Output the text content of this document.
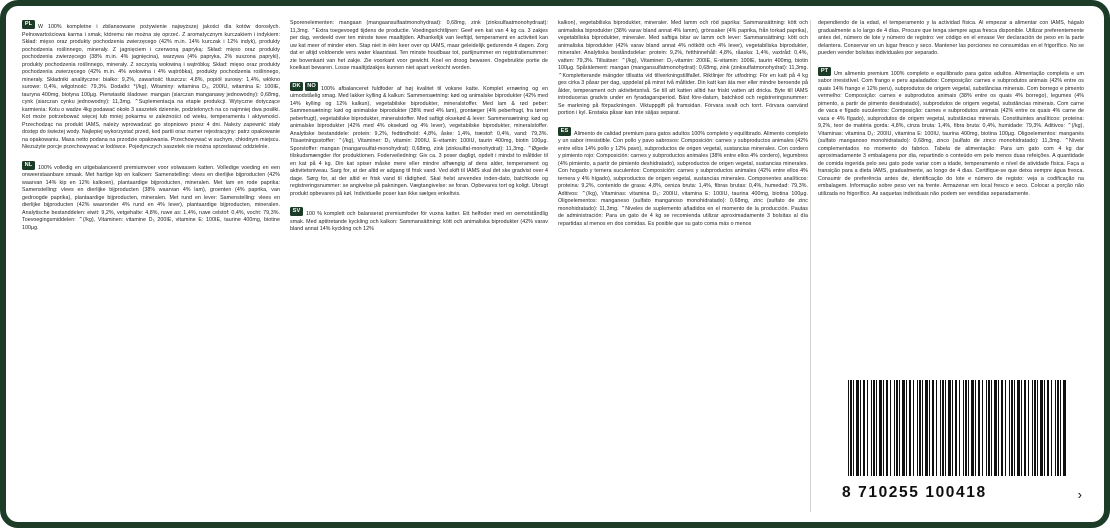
PL W 100% kompletne i zbilansowane pożywienie najwyższej jakości dla kotów dorosłych. Pełnowartościowa karma i smak, któremu nie można się oprzeć. Z aromatycznym kurczakiem i indykiem: Skład: mięso oraz produkty pochodzenia zwierzęcego (42% m.in. 14% kurczak i 12% indyk), produkty pochodzenia roślinnego, minerały. Z jagnięciem i czerwoną papryką: Skład: mięso oraz produkty pochodzenia zwierzęcego (38% m.in. 4% jagnięcina), warzywa (4% papryka, 2% suszona papryki), produkty pochodzenia roślinnego, minerały. Z soczystą wołowiną i wątróbką: Skład: mięso oraz produkty pochodzenia zwierzęcego (42% m.in. 4% wołowina i 4% wątróbka), produkty pochodzenia roślinnego, minerały. Składniki analityczne: białko: 9,2%, zawartość tłuszczu: 4,8%, popiół surowy: 1,4%, włókno surowe: 0,4%, wilgotność: 79,3%. Dodatki: *(/kg), Witaminy: witamina D₃, 200IU, witamina E: 100IE, tauryna 400mg, biotyna 100μg. Pierwiastki śladowe: mangan (siarczan manganawy jednowodny): 0,68mg, cynk (siarczan cynku jednowodny): 11,3mg. ⌃Suplementacja na etapie produkcji. Wytyczne dotyczące karmienia: Kotu o wadze 4kg podawać około 3 saszetek dziennie, podzielonych na co najmniej dwa posiłki. Kot może potrzebować więcej lub mniej pokarmu w zależności od wieku, temperamentu i aktywności. Przechodząc na produkt IAMS, należy wprowadzać go stopniowo przez 4 dni. Należy zapewnić stały dostęp do świeżej wody. Najlepiej wykorzystać przed, kod partii oraz numer rejestracyjny: patrz opakowanie na opakowaniu. Masa netto podana na przodzie opakowania. Przechowywać w suchym, chłodnym miejscu. Niezużyte porcje przechowywać w lodówce. Pojedynczych saszetek nie można sprzedawać oddzielnie.

NL 100% volledig en uitgebalanceerd premiumvoer voor volwassen katten. Volledige voeding en een onweerstaanbare smaak. Met hartige kip en kalkoen: Samenstelling: vlees en dierlijke bijproducten (42% waarvan 14% kip en 12% kalkoen), plantaardige bijproducten, mineralen. Met lam en rode paprika: Samenstelling: vlees en dierlijke bijproducten (38% waarvan 4% lam), groenten (4% paprika, van gedroogde paprika), plantaardige bijproducten, mineralen. Met rund en lever: Samenstelling: vlees en dierlijke bijproducten (42% waaronder 4% rund en 4% lever), plantaardige bijproducten, mineralen. Analytische bestanddelen: eiwit: 9,2%, vetgehalte: 4,8%, ruwe as: 1,4%, ruwe celstof: 0,4%, vocht: 79,3%. Toevoegingsmiddelen: ⌃(/kg), Vitaminen: vitamine D₃ 200IE, vitamine E: 100IE, taurine 400mg, biotine 100μg.

Sporenelementen: mangaan (mangaansulfaatmonohydraat): 0,68mg, zink (zinksulfaatmonohydraat): 11,3mg. ⌃Extra toegevoegd tijdens de productie. Voedingsrichtlijnen: Geef een kat van 4 kg ca. 3 zakjes per dag, verdeeld over ten minste twee maaltijden. Afhankelijk van leeftijd, temperament en activiteit kan uw kat meer of minder eten. Stap niet in één keer over op IAMS, maar geleidelijk gedurende 4 dagen. Zorg dat er altijd voldoende vers water klaarstaat. Ten minste houdbaar tot, partijnummer en registratienummer: zie bovenkant van het zakje. Zie voorkant voor gewicht. Koel en droog bewaren. Ongebruikte portie de koelkast bewaren. Losse maaltijdzakjes kunnen niet apart verkocht worden.

DK NO 100% afbalanceret fuldfoder af høj kvalitet til voksne katte. Komplet ernæring og en uimodståelig smag. Med lakker kylling & kalkun: Sammensætning: kød og animalske biprodukter (42% med 14% kylling og 12% kalkun), vegetabilske biprodukter, mineralstoffer. Med lam & rød peber: Sammensætning: kød og animalske biprodukter (38% med 4% lam), grontæger (4% peberfrugt, fra tørret peberfrugt), vegetabilske biprodukter, mineralstoffer. Med saftigt oksekød & lever: Sammensætning: kød og animalske biprodukter (42% med 4% oksekød og 4% lever), vegetabilske biprodukter, mineralstoffer. Analytiske bestanddele: protein: 9,2%, fedtindhold: 4,8%, åske: 1,4%, træstof: 0,4%, vand: 79,3%. Tilsaetningsstoffer: ⌃(/kg), Vitaminer: D₃ vitamin: 200IU, E-vitamin: 100IU, taurin 400mg, biotin 100μg. Sporstoffer: mangan (mangansulfat-monohydrat): 0,68mg, zink (zinksulfat-monohydrat): 11,3mg. ⌃Øgede tilskudsmængder ifor produktionen. Foderveiledning: Giv ca. 3 poser dagligt, opdelt i mindst to måltider til en kat på 4 kg. Din kat spiser måske mere eller mindre afhængig af dens alder, temperament og aktivitetsniveau. Sarg for, at der altid er adgang til frisk vand. Ved skift til IAMS skal det ske gradvist over 4 dage. Sørg for, at der altid er frisk vand til rådighed. Skal helst anvendes inden-dato, batchkode og registreringsnummer: se angivelse på pakningen. Vægtangivelse: se foran. Opbevares tort og koligt. Ubrugt produkt opbevares på køl. Individuelle poser kan ikke sælges enkeltvis.

SV 100 % komplett och balanserat premiumfoder för vuxna katter. Ett helfoder med en oemotståndlig smak. Med aptitretande kyckling och kalkon: Sammansättning: kött och animaliska biprodukter (42% varav bland annat 14% kyckling och 12%

kalkon), vegetabiliska biprodukter, mineraler. Med lamm och röd paprika: Sammansättning: kött och animaliska biprodukter (38% varav bland annat 4% lamm), grönsaker (4% paprika, från torkad paprika), vegetabiliska biprodukter, mineraler. Med saftiga bitar av lamm och lever: Sammansättning: kött och animaliska biprodukter (42% varav bland annat 4% nötkött och 4% lever), vegetabiliska biprodukter, mineraler. Analytiska beståndsdelar: protein: 9,2%, fetthinnehåll: 4,8%, råaska: 1,4%, vaxtråd: 0,4%, vatten: 79,3%. Tillsätser: ⌃(/kg), Vitaminer: D₃-vitamin: 200IE, E-vitamin: 100IE, taurin 400mg, biotin 100μg. Spårälement: mangan (mangansulfatmonohydrat): 0,68mg, zink (zinksulfatmonohydrat): 11,3mg. ⌃Kompletterande mängder tillsatta vid tillverkningstillfallet. Riktlinjer för utfodring: För en katt på 4 kg ges cirka 3 påsar per dag, uppdelat på minst två måltider. Din katt kan äta mer eller mindre beroende på ålder, temperament och aktivitetsnivå. Se till att katten alltid har friskt vatten att dricka. Byte till IAMS introduceras gradvis under en fyradagarsperiod. Bäst före-datum, batchkod och registreringsnummer: Se markning på förpackningen. Viktuppgift på framsidan. Förvara svalt och torrt. Förvara oanvänd portion i kyl. Enstaka påsar kan inte säljas separat.

ES Alimento de calidad premium para gatos adultos 100% completo y equilibrado. Alimento completo y un sabor irresistible. Con pollo y pavo sabrosos: Composición: carnes y subproductos animales (42% entre ellos 14% pollo y 12% pavo), subproductos de origen vegetal, sustancias minerales. Con cordero y pimiento rojo: Composición: carnes y subproductos animales (38% entre ellos 4% cordero), legumbres (4% pimiento, a partir de pimiento deshidratado), subproductos de origen vegetal, sustancias minerales. Con hogado y ternera suculentos: Composición: carnes y subproductos animales (42% entre ellos 4% ternera y 4% hígado), subproductos de origen vegetal, sustancias minerales. Componentes analíticos: proteina: 9,2%, contenido de grasa: 4,8%, ceniza bruta: 1,4%, fibras brutas: 0,4%, humedad: 79,3%. Aditivos: ⌃(/kg), Vitaminas: vitamina D₃: 200IU, vitamina E: 100IU, taurina 400mg, biotina 100μg. Oligoelementos: manganeso (sulfato manganoso monohidratado): 0,68mg, zinc (sulfato de zinc monohidratado): 11,3mg. ⌃Niveles de suplemento añadidos en el momento de la producción. Pautas de administración: Para un gato de 4 kg se recomienda utilizar aproximadamente 3 bolsitas al día repartidas al menos en dos comidas. Es posible que su gato coma más o menos

dependiendo de la edad, el temperamento y la actividad física. Al empezar a alimentar con IAMS, hágalo gradualmente a lo largo de 4 días. Procure que tenga siempre agua fresca disponible. Utilizar preferentemente antes del, número de lote y número de registro: ver código en el envase Ver declaración de peso en la parte delantera. Conservar en un lugar fresco y seco. Mantener las porciones no consumidas en el frigorífico. No se pueden vender bolsitas individuales por separado.

PT Um alimento premium 100% completo e equilibrado para gatos adultos. Alimentação completa e um sabor irresistível. Com frango e peru apaladados: Composição: carnes e subprodutos animais (42% entre os quais 14% frango e 12% peru), subprodutos de origem vegetal, substâncias minerais. Com borrego e pimento vermelho: Composição: carnes e subprodutos animais (38% entre os quais 4% borrego), legumes (4% pimento, a partir de pimento desidratado), subprodutos de origem vegetal, substâncias minerais. Com carne de vaca e fígado suculentos: Composição: carnes e subprodutos animais (42% entre os quais 4% carne de vaca e 4% fígado), subprodutos de origem vegetal, substâncias minerais. Constituintes analíticos: proteina: 9,2%, teor de matéria gorda: 4,8%, cinza bruta: 1,4%, fibra bruta: 0,4%, humidade: 79,3%. Aditivos: ⌃(/kg), Vitaminas: vitamina D₃: 200IU, vitamina E: 100IU, taurina 400mg, biotina 100μg. Oligoelementos: manganés (sulfato manganoso monohidratado): 0,68mg, zinco (sulfato de zinco monohidratado): 11,3mg. ⌃Níveis complementados no momento do fabrico. Tabela de alimentação: Para um gato com 4 kg dar aproximadamente 3 embalagens por dia, repartindo o conteúdo em pelo menos duas refeições. A quantidade de comida ingerida pelo seu gato pode variar com a idade, temperamento e nível de atividade física. Faça a transição para a dieta IAMS, gradualmente, ao longo de 4 dias. Certifique-se que deixa sempre água fresca. Consumir de preferência antes de, identificação do lote e número de registo: veja a codificação na embalagem. Informação sobre peso ver na frente. Armazenar em local fresco e seco. Colocar a porção não utilizada no frigorífico. As saquetas individuais não podem ser vendidas separadamente.

8 710255 100418	›
